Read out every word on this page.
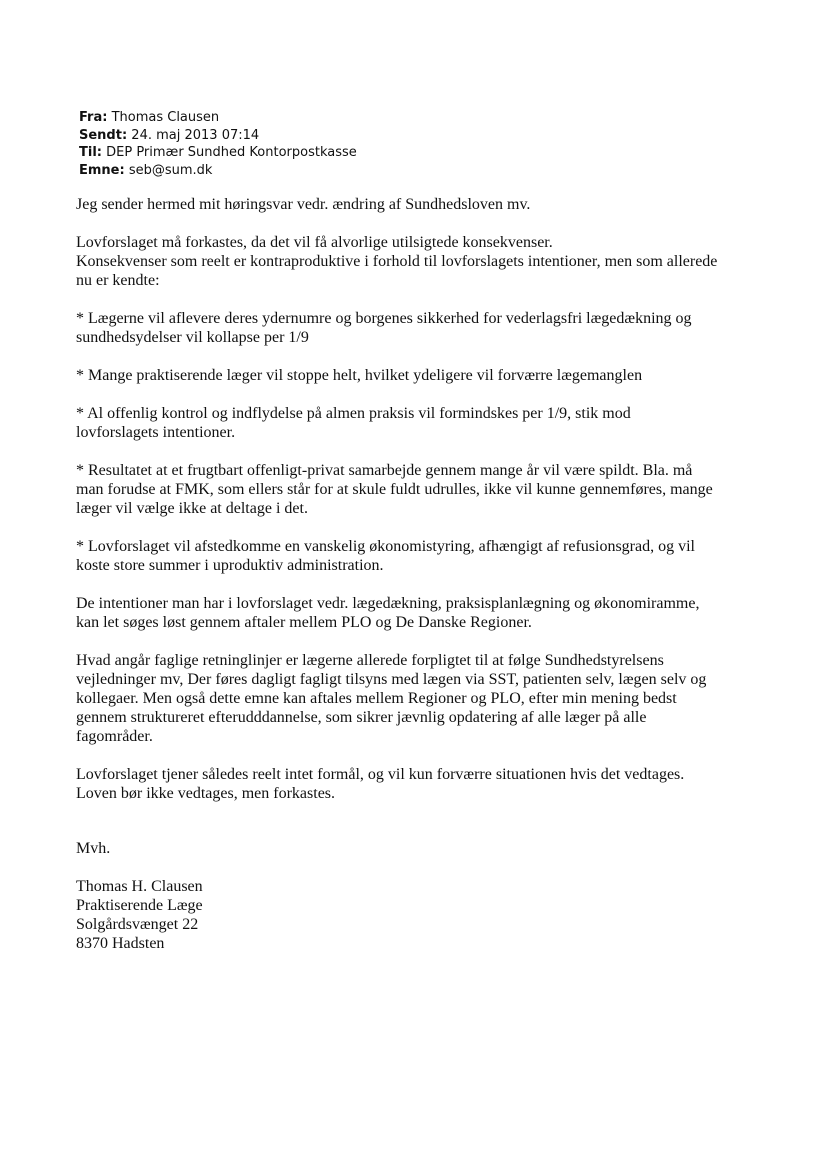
Fra: Thomas Clausen
Sendt: 24. maj 2013 07:14
Til: DEP Primær Sundhed Kontorpostkasse
Emne: seb@sum.dk

Jeg sender hermed mit høringsvar vedr. ændring af Sundhedsloven mv.

Lovforslaget må forkastes, da det vil få alvorlige utilsigtede konsekvenser.

Konsekvenser som reelt er kontraproduktive i forhold til lovforslagets intentioner, men som allerede

nu er kendte:

* Lægerne vil aflevere deres ydernumre og borgenes sikkerhed for vederlagsfri lægedækning og

sundhedsydelser vil kollapse per 1/9

* Mange praktiserende læger vil stoppe helt, hvilket ydeligere vil forværre lægemanglen

* Al offenlig kontrol og indflydelse på almen praksis vil formindskes per 1/9, stik mod

lovforslagets intentioner.

* Resultatet at et frugtbart offenligt-privat samarbejde gennem mange år vil være spildt. Bla. må

man forudse at FMK, som ellers står for at skule fuldt udrulles, ikke vil kunne gennemføres, mange

læger vil vælge ikke at deltage i det.

* Lovforslaget vil afstedkomme en vanskelig økonomistyring, afhængigt af refusionsgrad, og vil

koste store summer i uproduktiv administration.

De intentioner man har i lovforslaget vedr. lægedækning, praksisplanlægning og økonomiramme,

kan let søges løst gennem aftaler mellem PLO og De Danske Regioner.

Hvad angår faglige retninglinjer er lægerne allerede forpligtet til at følge Sundhedstyrelsens

vejledninger mv, Der føres dagligt fagligt tilsyns med lægen via SST, patienten selv, lægen selv og

kollegaer. Men også dette emne kan aftales mellem Regioner og PLO, efter min mening bedst

gennem struktureret efterudddannelse, som sikrer jævnlig opdatering af alle læger på alle

fagområder.

Lovforslaget tjener således reelt intet formål, og vil kun forværre situationen hvis det vedtages.

Loven bør ikke vedtages, men forkastes.

Mvh.

Thomas H. Clausen

Praktiserende Læge

Solgårdsvænget 22

8370 Hadsten
